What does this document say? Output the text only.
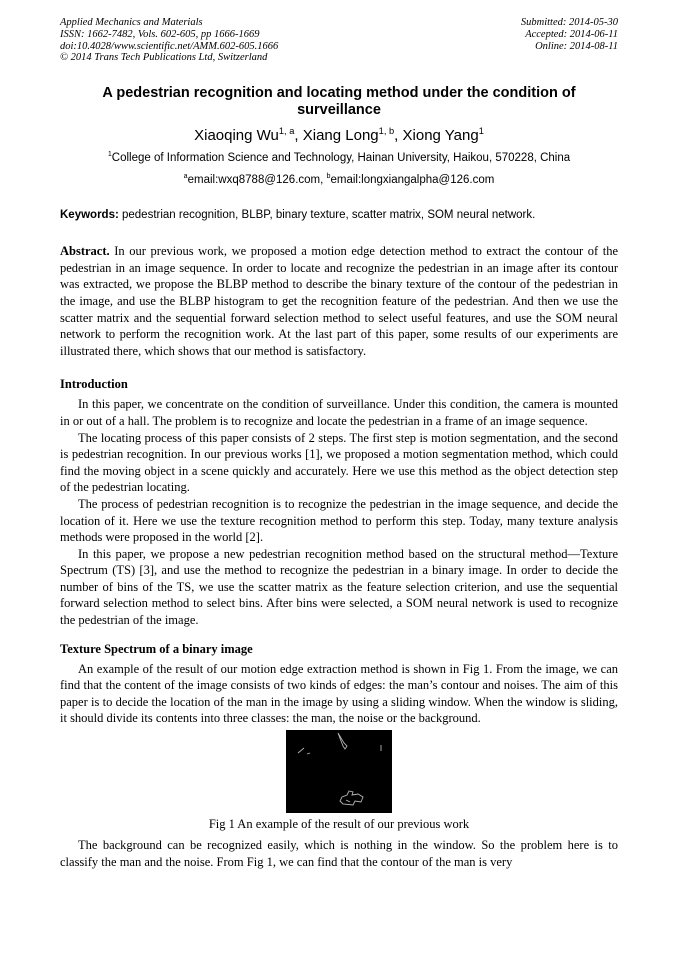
Applied Mechanics and Materials
ISSN: 1662-7482, Vols. 602-605, pp 1666-1669
doi:10.4028/www.scientific.net/AMM.602-605.1666
© 2014 Trans Tech Publications Ltd, Switzerland
Submitted: 2014-05-30
Accepted: 2014-06-11
Online: 2014-08-11
A pedestrian recognition and locating method under the condition of surveillance
Xiaoqing Wu$^{1, a}$, Xiang Long$^{1, b}$, Xiong Yang$^1$
$^1$College of Information Science and Technology, Hainan University, Haikou, 570228, China
$^a$email:wxq8788@126.com, $^b$email:longxiangalpha@126.com
Keywords: pedestrian recognition, BLBP, binary texture, scatter matrix, SOM neural network.

Abstract. In our previous work, we proposed a motion edge detection method to extract the contour of the pedestrian in an image sequence. In order to locate and recognize the pedestrian in an image after its contour was extracted, we propose the BLBP method to describe the binary texture of the contour of the pedestrian in the image, and use the BLBP histogram to get the recognition feature of the pedestrian. And then we use the scatter matrix and the sequential forward selection method to select useful features, and use the SOM neural network to perform the recognition work. At the last part of this paper, some results of our experiments are illustrated there, which shows that our method is satisfactory.

Introduction

In this paper, we concentrate on the condition of surveillance. Under this condition, the camera is mounted in or out of a hall. The problem is to recognize and locate the pedestrian in a frame of an image sequence.

The locating process of this paper consists of 2 steps. The first step is motion segmentation, and the second is pedestrian recognition. In our previous works [1], we proposed a motion segmentation method, which could find the moving object in a scene quickly and accurately. Here we use this method as the object detection step of the pedestrian locating.

The process of pedestrian recognition is to recognize the pedestrian in the image sequence, and decide the location of it. Here we use the texture recognition method to perform this step. Today, many texture analysis methods were proposed in the world [2].

In this paper, we propose a new pedestrian recognition method based on the structural method—Texture Spectrum (TS) [3], and use the method to recognize the pedestrian in a binary image. In order to decide the number of bins of the TS, we use the scatter matrix as the feature selection criterion, and use the sequential forward selection method to select bins. After bins were selected, a SOM neural network is used to recognize the pedestrian of the image.

Texture Spectrum of a binary image

An example of the result of our motion edge extraction method is shown in Fig 1. From the image, we can find that the content of the image consists of two kinds of edges: the man’s contour and noises. The aim of this paper is to decide the location of the man in the image by using a sliding window. When the window is sliding, it should divide its contents into three classes: the man, the noise or the background.

Fig 1 An example of the result of our previous work

The background can be recognized easily, which is nothing in the window. So the problem here is to classify the man and the noise. From Fig 1, we can find that the contour of the man is very
